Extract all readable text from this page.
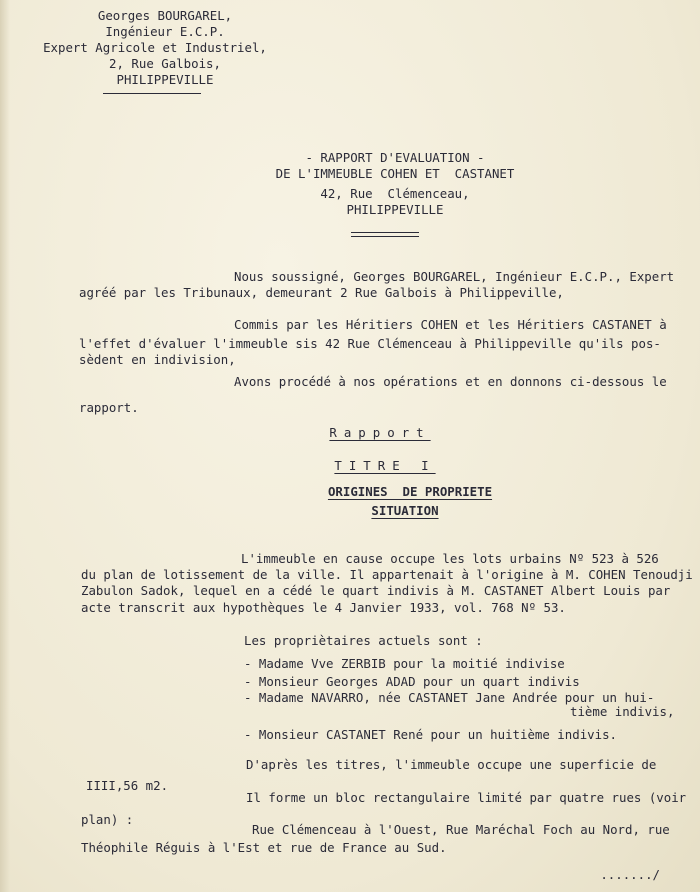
Georges BOURGAREL,
Ingénieur E.C.P.
Expert Agricole et Industriel,
2, Rue Galbois,
PHILIPPEVILLE
- RAPPORT D'EVALUATION -
DE L'IMMEUBLE COHEN ET  CASTANET
42, Rue  Clémenceau,
PHILIPPEVILLE
Nous soussigné, Georges BOURGAREL, Ingénieur E.C.P., Expert
agréé par les Tribunaux, demeurant 2 Rue Galbois à Philippeville,
Commis par les Héritiers COHEN et les Héritiers CASTANET à
l'effet d'évaluer l'immeuble sis 42 Rue Clémenceau à Philippeville qu'ils pos-
sèdent en indivision,
Avons procédé à nos opérations et en donnons ci-dessous le
rapport.
Rapport
TITRE I
ORIGINES  DE PROPRIETE
SITUATION
L'immeuble en cause occupe les lots urbains Nº 523 à 526
du plan de lotissement de la ville. Il appartenait à l'origine à M. COHEN Tenoudji
Zabulon Sadok, lequel en a cédé le quart indivis à M. CASTANET Albert Louis par
acte transcrit aux hypothèques le 4 Janvier 1933, vol. 768 Nº 53.
Les propriètaires actuels sont :
- Madame Vve ZERBIB pour la moitié indivise
- Monsieur Georges ADAD pour un quart indivis
- Madame NAVARRO, née CASTANET Jane Andrée pour un hui-
tième indivis,
- Monsieur CASTANET René pour un huitième indivis.
D'après les titres, l'immeuble occupe une superficie de
IIII,56 m2.
Il forme un bloc rectangulaire limité par quatre rues (voir
plan) :
Rue Clémenceau à l'Ouest, Rue Maréchal Foch au Nord, rue
Théophile Réguis à l'Est et rue de France au Sud.
......./
